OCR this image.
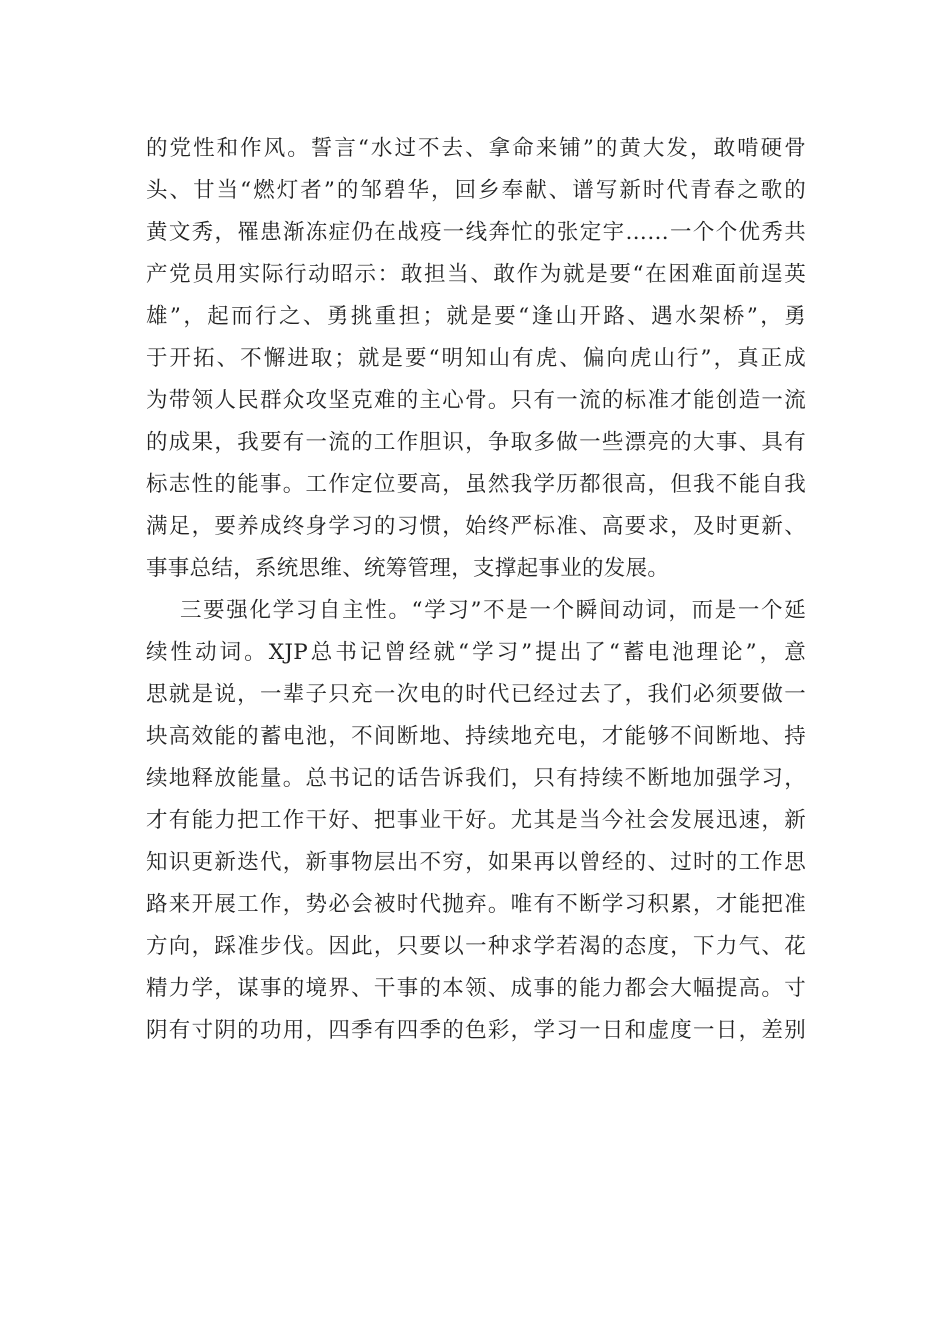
的党性和作风。誓言“水过不去、拿命来铺”的黄大发，敢啃硬骨
头、甘当“燃灯者”的邹碧华，回乡奉献、谱写新时代青春之歌的
黄文秀，罹患渐冻症仍在战疫一线奔忙的张定宇……一个个优秀共
产党员用实际行动昭示：敢担当、敢作为就是要“在困难面前逞英
雄”，起而行之、勇挑重担；就是要“逢山开路、遇水架桥”，勇
于开拓、不懈进取；就是要“明知山有虎、偏向虎山行”，真正成
为带领人民群众攻坚克难的主心骨。只有一流的标准才能创造一流
的成果，我要有一流的工作胆识，争取多做一些漂亮的大事、具有
标志性的能事。工作定位要高，虽然我学历都很高，但我不能自我
满足，要养成终身学习的习惯，始终严标准、高要求，及时更新、
事事总结，系统思维、统筹管理，支撑起事业的发展。
三要强化学习自主性。“学习”不是一个瞬间动词，而是一个延
续性动词。XJP总书记曾经就“学习”提出了“蓄电池理论”，意
思就是说，一辈子只充一次电的时代已经过去了，我们必须要做一
块高效能的蓄电池，不间断地、持续地充电，才能够不间断地、持
续地释放能量。总书记的话告诉我们，只有持续不断地加强学习，
才有能力把工作干好、把事业干好。尤其是当今社会发展迅速，新
知识更新迭代，新事物层出不穷，如果再以曾经的、过时的工作思
路来开展工作，势必会被时代抛弃。唯有不断学习积累，才能把准
方向，踩准步伐。因此，只要以一种求学若渴的态度，下力气、花
精力学，谋事的境界、干事的本领、成事的能力都会大幅提高。寸
阴有寸阴的功用，四季有四季的色彩，学习一日和虚度一日，差别
